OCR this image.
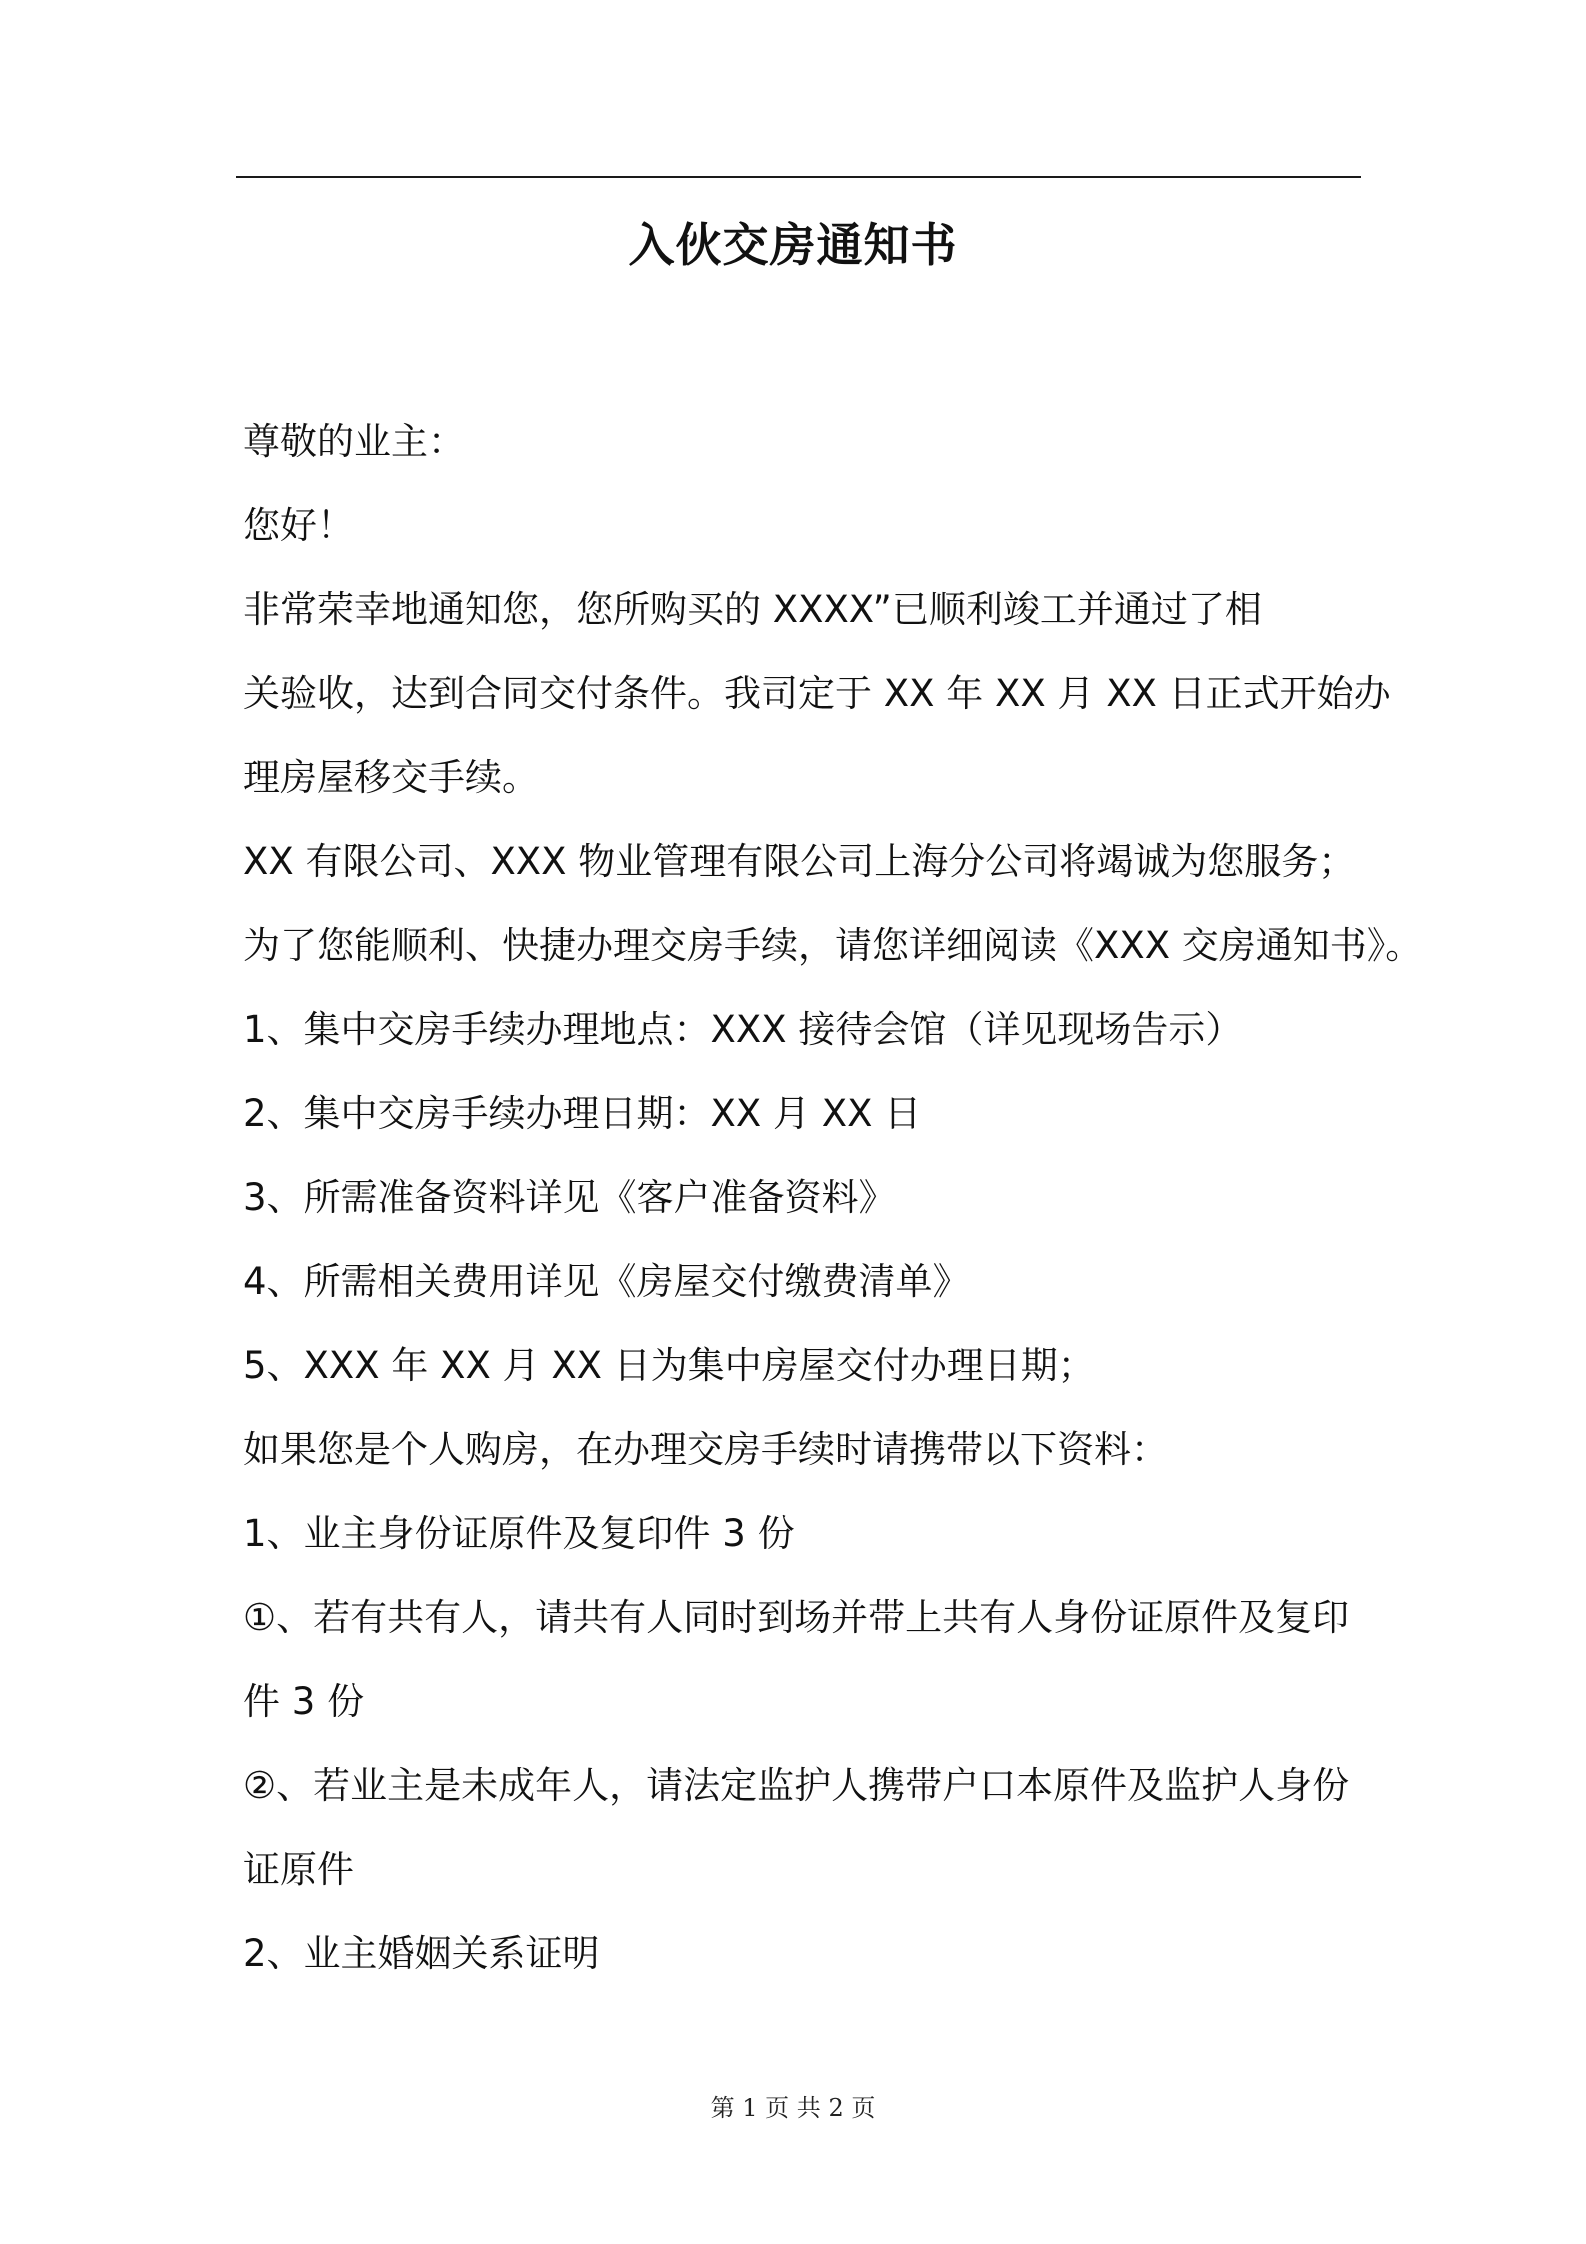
入伙交房通知书
尊敬的业主：
您好！
非常荣幸地通知您，您所购买的 XXXX”已顺利竣工并通过了相
关验收，达到合同交付条件。我司定于 XX 年 XX 月 XX 日正式开始办
理房屋移交手续。
XX 有限公司、XXX 物业管理有限公司上海分公司将竭诚为您服务；
为了您能顺利、快捷办理交房手续，请您详细阅读《XXX 交房通知书》。
1、集中交房手续办理地点：XXX 接待会馆（详见现场告示）
2、集中交房手续办理日期：XX 月 XX 日
3、所需准备资料详见《客户准备资料》
4、所需相关费用详见《房屋交付缴费清单》
5、XXX 年 XX 月 XX 日为集中房屋交付办理日期；
如果您是个人购房，在办理交房手续时请携带以下资料：
1、业主身份证原件及复印件 3 份
①、若有共有人，请共有人同时到场并带上共有人身份证原件及复印
件 3 份
②、若业主是未成年人，请法定监护人携带户口本原件及监护人身份
证原件
2、业主婚姻关系证明
第 1 页 共 2 页
